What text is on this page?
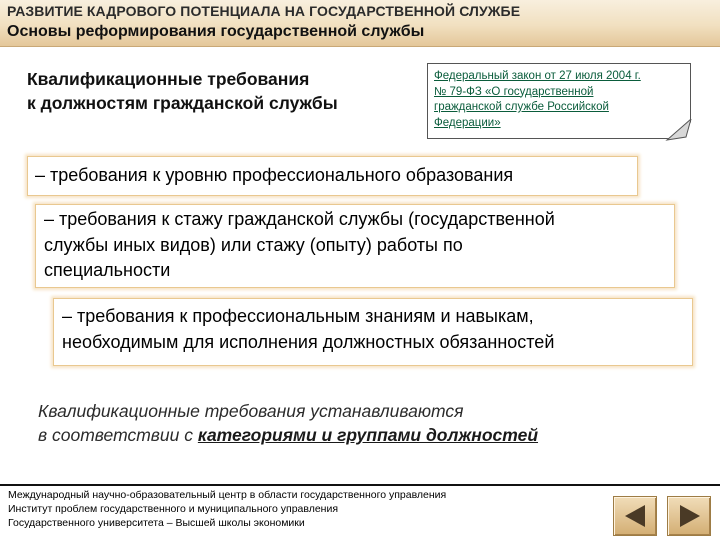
РАЗВИТИЕ КАДРОВОГО ПОТЕНЦИАЛА НА ГОСУДАРСТВЕННОЙ СЛУЖБЕ
Основы реформирования государственной службы
Квалификационные требования
к должностям гражданской службы
Федеральный закон от 27 июля 2004 г.
№ 79-ФЗ «О государственной
гражданской службе Российской
Федерации»
– требования к уровню профессионального образования
– требования к стажу гражданской службы (государственной
службы иных видов) или стажу (опыту) работы по
специальности
– требования к профессиональным знаниям и навыкам,
необходимым для исполнения должностных обязанностей
Квалификационные требования устанавливаются
в соответствии с категориями и группами должностей
Международный научно-образовательный центр в области государственного управления
Институт проблем государственного и муниципального управления
Государственного университета – Высшей школы экономики
